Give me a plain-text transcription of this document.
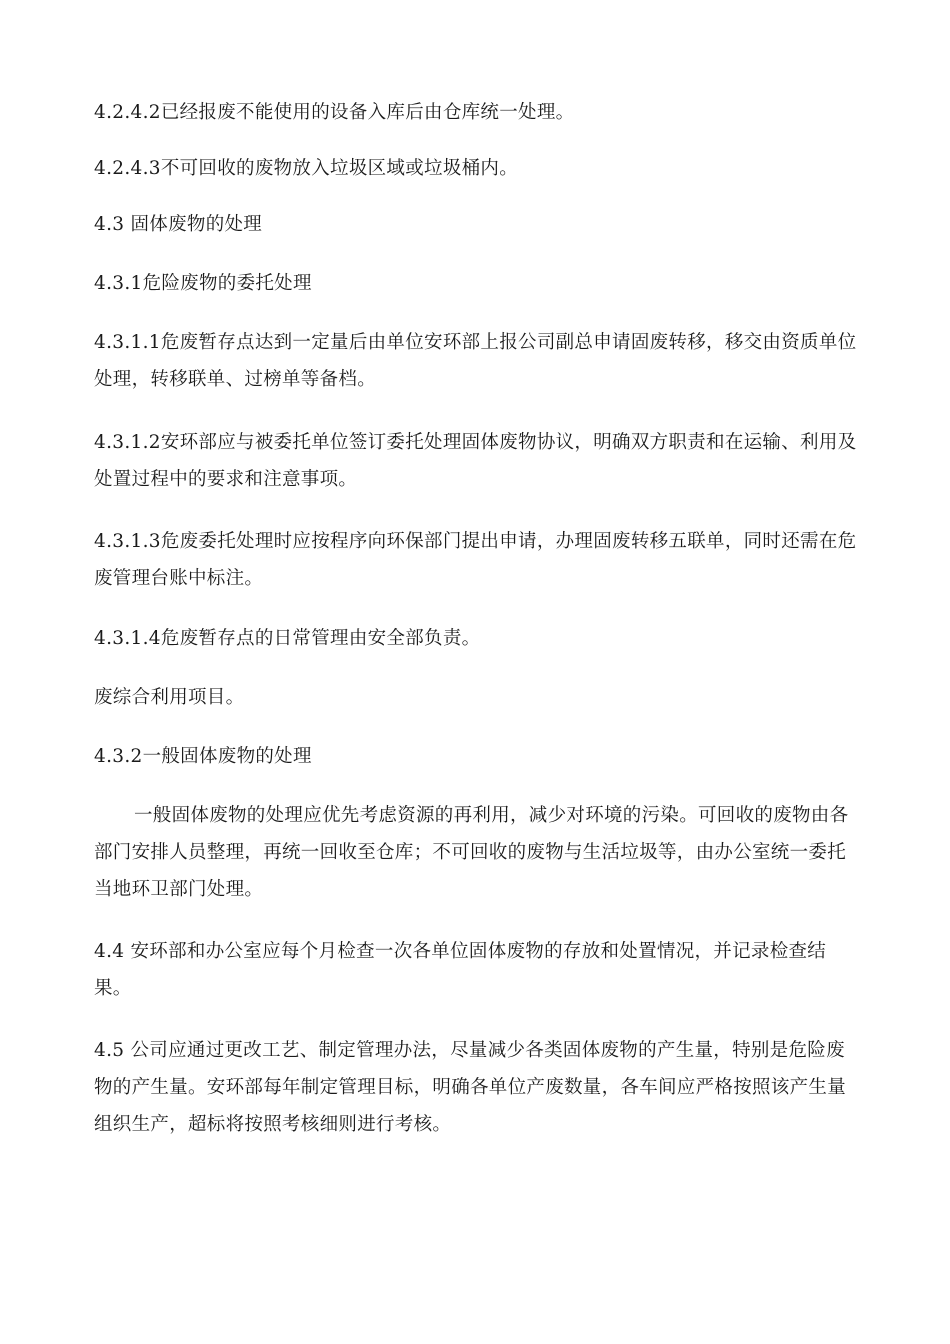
4.2.4.2已经报废不能使用的设备入库后由仓库统一处理。

4.2.4.3不可回收的废物放入垃圾区域或垃圾桶内。

4.3 固体废物的处理

4.3.1危险废物的委托处理

4.3.1.1危废暂存点达到一定量后由单位安环部上报公司副总申请固废转移，移交由资质单位处理，转移联单、过榜单等备档。

4.3.1.2安环部应与被委托单位签订委托处理固体废物协议，明确双方职责和在运输、利用及处置过程中的要求和注意事项。

4.3.1.3危废委托处理时应按程序向环保部门提出申请，办理固废转移五联单，同时还需在危废管理台账中标注。

4.3.1.4危废暂存点的日常管理由安全部负责。

废综合利用项目。

4.3.2一般固体废物的处理

一般固体废物的处理应优先考虑资源的再利用，减少对环境的污染。可回收的废物由各部门安排人员整理，再统一回收至仓库；不可回收的废物与生活垃圾等，由办公室统一委托当地环卫部门处理。

4.4 安环部和办公室应每个月检查一次各单位固体废物的存放和处置情况，并记录检查结果。

4.5 公司应通过更改工艺、制定管理办法，尽量减少各类固体废物的产生量，特别是危险废物的产生量。安环部每年制定管理目标，明确各单位产废数量，各车间应严格按照该产生量组织生产，超标将按照考核细则进行考核。
